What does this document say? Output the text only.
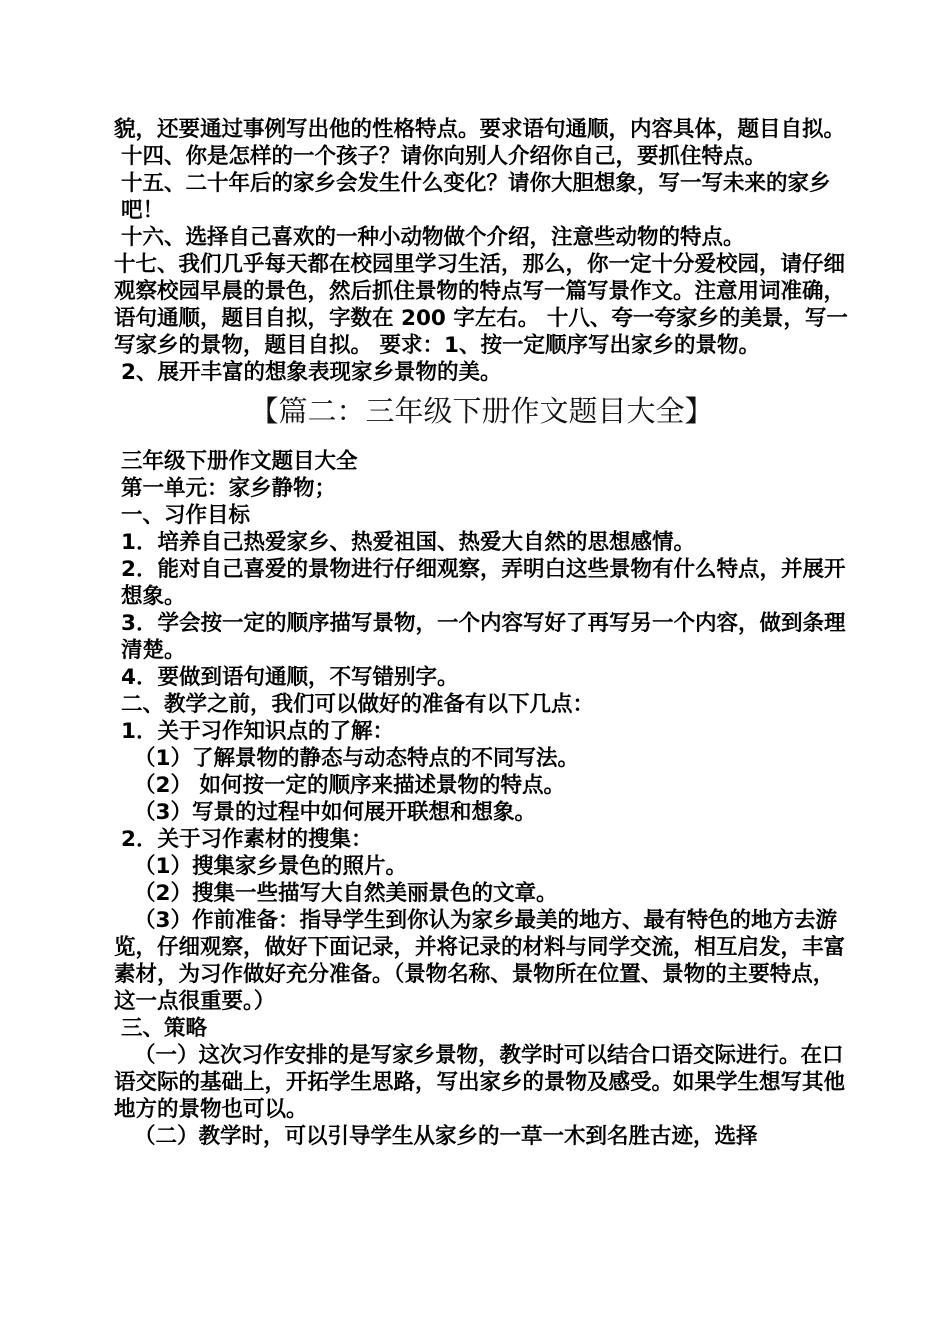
貌，还要通过事例写出他的性格特点。要求语句通顺，内容具体，题目自拟。

十四、你是怎样的一个孩子？请你向别人介绍你自己，要抓住特点。

十五、二十年后的家乡会发生什么变化？请你大胆想象，写一写未来的家乡吧！

十六、选择自己喜欢的一种小动物做个介绍，注意些动物的特点。

十七、我们几乎每天都在校园里学习生活，那么，你一定十分爱校园，请仔细观察校园早晨的景色，然后抓住景物的特点写一篇写景作文。注意用词准确，语句通顺，题目自拟，字数在 200 字左右。 十八、夸一夸家乡的美景，写一写家乡的景物，题目自拟。 要求：1、按一定顺序写出家乡的景物。

2、展开丰富的想象表现家乡景物的美。

【篇二：三年级下册作文题目大全】

三年级下册作文题目大全

第一单元：家乡静物；

一、习作目标

1．培养自己热爱家乡、热爱祖国、热爱大自然的思想感情。

2．能对自己喜爱的景物进行仔细观察，弄明白这些景物有什么特点，并展开想象。

3．学会按一定的顺序描写景物，一个内容写好了再写另一个内容，做到条理清楚。

4．要做到语句通顺，不写错别字。

二、教学之前，我们可以做好的准备有以下几点：

1．关于习作知识点的了解：

（1）了解景物的静态与动态特点的不同写法。

（2） 如何按一定的顺序来描述景物的特点。

（3）写景的过程中如何展开联想和想象。

2．关于习作素材的搜集：

（1）搜集家乡景色的照片。

（2）搜集一些描写大自然美丽景色的文章。

（3）作前准备：指导学生到你认为家乡最美的地方、最有特色的地方去游览，仔细观察，做好下面记录，并将记录的材料与同学交流，相互启发，丰富素材，为习作做好充分准备。（景物名称、景物所在位置、景物的主要特点，这一点很重要。）

三、策略

（一）这次习作安排的是写家乡景物，教学时可以结合口语交际进行。在口语交际的基础上，开拓学生思路，写出家乡的景物及感受。如果学生想写其他地方的景物也可以。

（二）教学时，可以引导学生从家乡的一草一木到名胜古迹，选择
